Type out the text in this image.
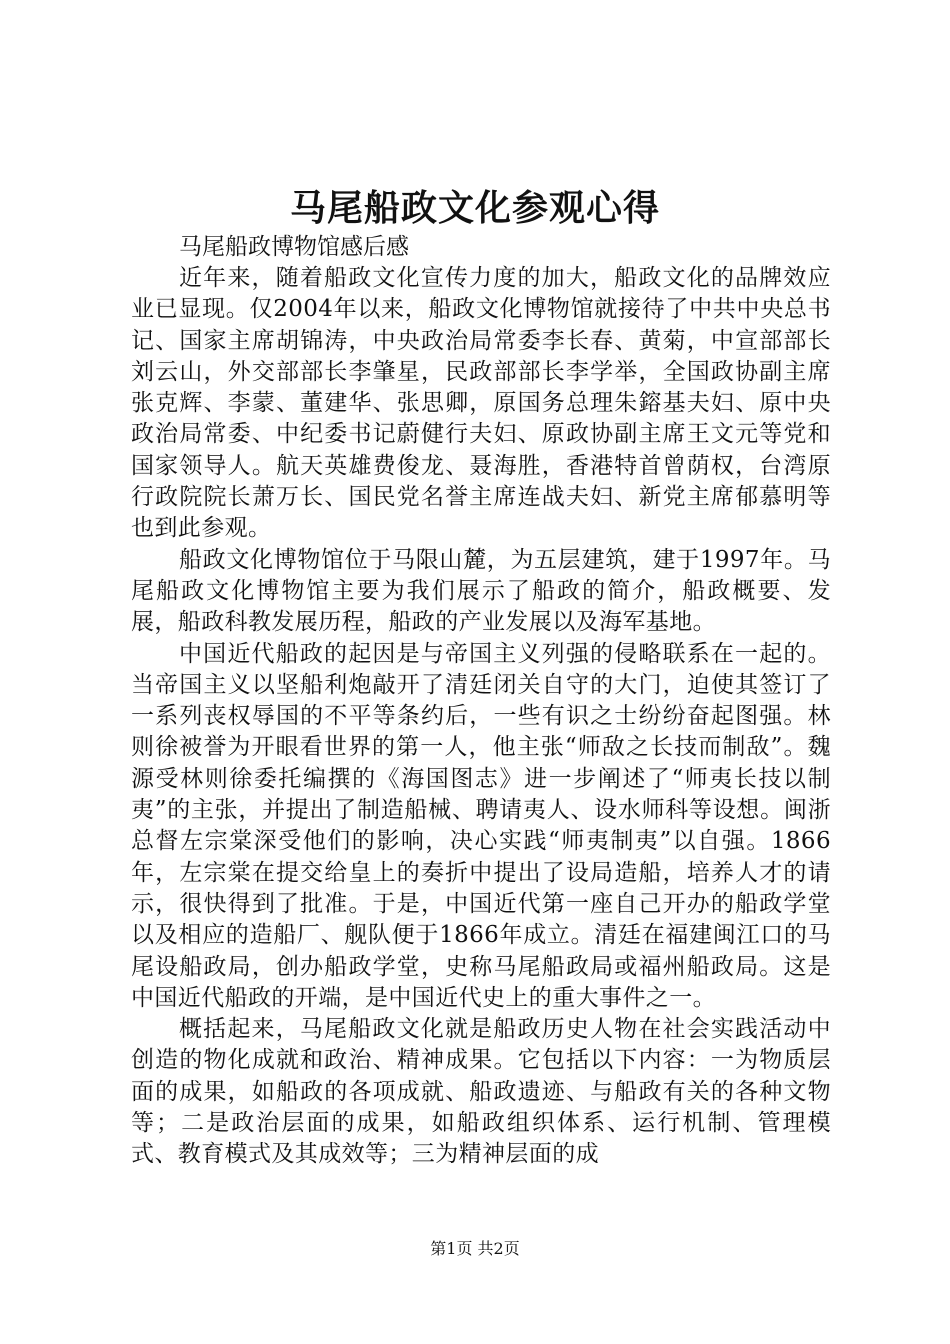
马尾船政文化参观心得

马尾船政博物馆感后感

近年来，随着船政文化宣传力度的加大，船政文化的品牌效应业已显现。仅2004年以来，船政文化博物馆就接待了中共中央总书记、国家主席胡锦涛，中央政治局常委李长春、黄菊，中宣部部长刘云山，外交部部长李肇星，民政部部长李学举，全国政协副主席张克辉、李蒙、董建华、张思卿，原国务总理朱鎔基夫妇、原中央政治局常委、中纪委书记蔚健行夫妇、原政协副主席王文元等党和国家领导人。航天英雄费俊龙、聂海胜，香港特首曾荫权，台湾原行政院院长萧万长、国民党名誉主席连战夫妇、新党主席郁慕明等也到此参观。

船政文化博物馆位于马限山麓，为五层建筑，建于1997年。马尾船政文化博物馆主要为我们展示了船政的简介，船政概要、发展，船政科教发展历程，船政的产业发展以及海军基地。

中国近代船政的起因是与帝国主义列强的侵略联系在一起的。当帝国主义以坚船利炮敲开了清廷闭关自守的大门，迫使其签订了一系列丧权辱国的不平等条约后，一些有识之士纷纷奋起图强。林则徐被誉为开眼看世界的第一人，他主张“师敌之长技而制敌”。魏源受林则徐委托编撰的《海国图志》进一步阐述了“师夷长技以制夷”的主张，并提出了制造船械、聘请夷人、设水师科等设想。闽浙总督左宗棠深受他们的影响，决心实践“师夷制夷”以自强。1866年，左宗棠在提交给皇上的奏折中提出了设局造船，培养人才的请示，很快得到了批准。于是，中国近代第一座自己开办的船政学堂以及相应的造船厂、舰队便于1866年成立。清廷在福建闽江口的马尾设船政局，创办船政学堂，史称马尾船政局或福州船政局。这是中国近代船政的开端，是中国近代史上的重大事件之一。

概括起来，马尾船政文化就是船政历史人物在社会实践活动中创造的物化成就和政治、精神成果。它包括以下内容：一为物质层面的成果，如船政的各项成就、船政遗迹、与船政有关的各种文物等；二是政治层面的成果，如船政组织体系、运行机制、管理模式、教育模式及其成效等；三为精神层面的成

第1页 共2页
